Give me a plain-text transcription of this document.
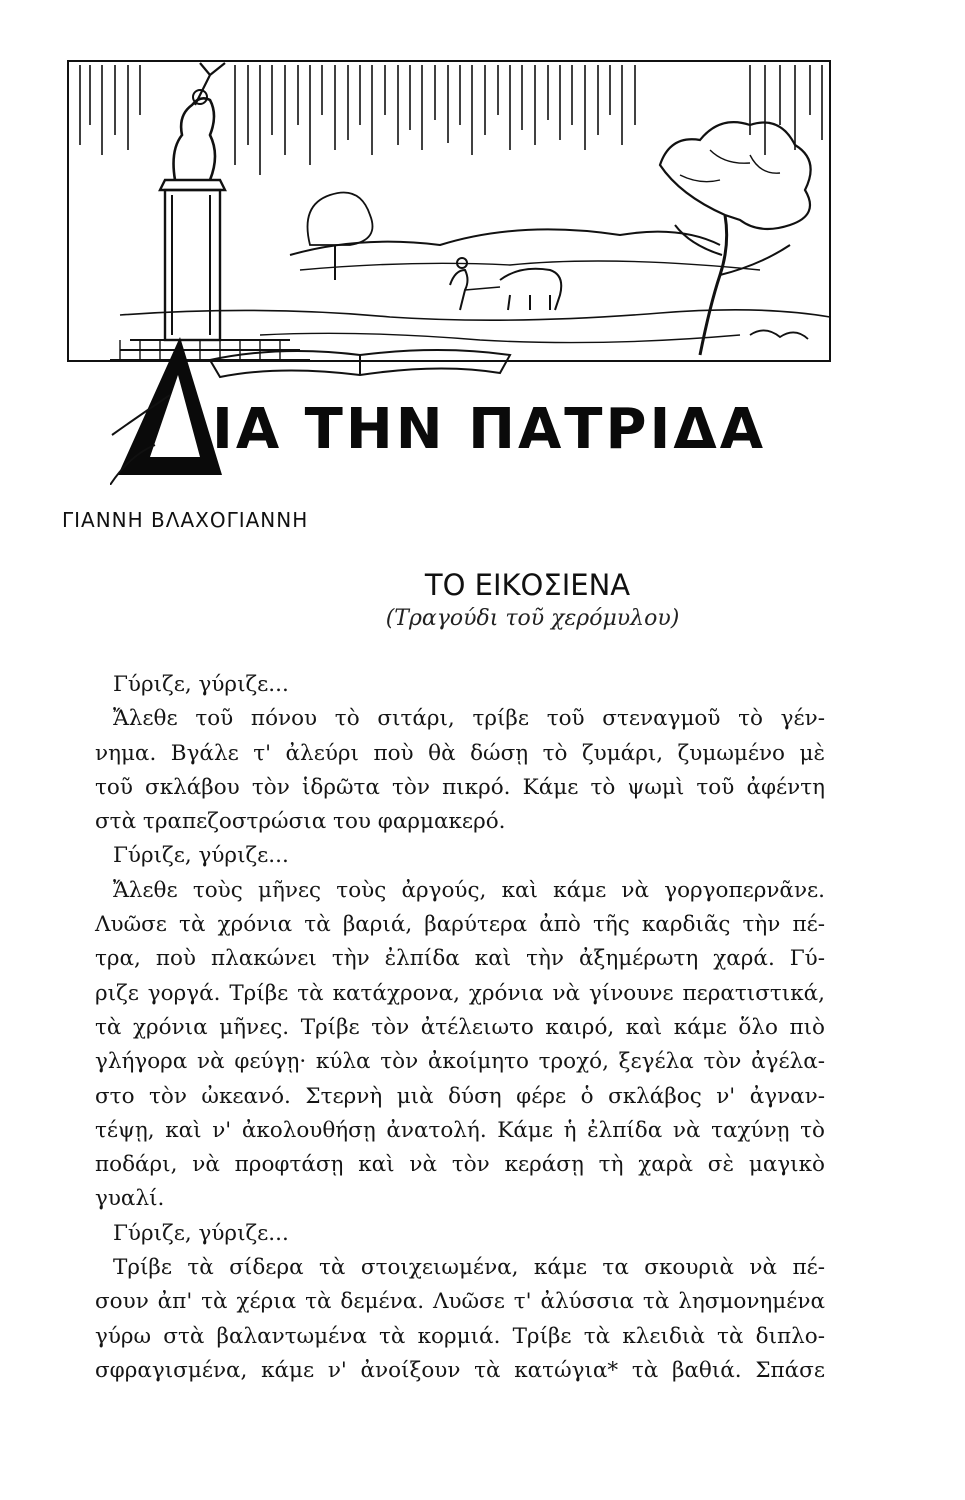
ΙΑ ΤΗΝ ΠΑΤΡΙΔΑ
ΓΙΑΝΝΗ ΒΛΑΧΟΓΙΑΝΝΗ
ΤΟ ΕΙΚΟΣΙΕΝΑ
(Τραγούδι τοῦ χερόμυλου)
Γύριζε, γύριζε...
Ἄλεθε τοῦ πόνου τὸ σιτάρι, τρίβε τοῦ στεναγμοῦ τὸ γέν-
νημα. Βγάλε τ' ἀλεύρι ποὺ θὰ δώσῃ τὸ ζυμάρι, ζυμωμένο μὲ
τοῦ σκλάβου τὸν ἱδρῶτα τὸν πικρό. Κάμε τὸ ψωμὶ τοῦ ἀφέντη
στὰ τραπεζοστρώσια του φαρμακερό.
Γύριζε, γύριζε...
Ἄλεθε τοὺς μῆνες τοὺς ἀργούς, καὶ κάμε νὰ γοργοπερνᾶνε.
Λυῶσε τὰ χρόνια τὰ βαριά, βαρύτερα ἀπὸ τῆς καρδιᾶς τὴν πέ-
τρα, ποὺ πλακώνει τὴν ἐλπίδα καὶ τὴν ἀξημέρωτη χαρά. Γύ-
ριζε γοργά. Τρίβε τὰ κατάχρονα, χρόνια νὰ γίνουνε περατιστικά,
τὰ χρόνια μῆνες. Τρίβε τὸν ἀτέλειωτο καιρό, καὶ κάμε ὅλο πιὸ
γλήγορα νὰ φεύγῃ· κύλα τὸν ἀκοίμητο τροχό, ξεγέλα τὸν ἀγέλα-
στο τὸν ὠκεανό. Στερνὴ μιὰ δύση φέρε ὁ σκλάβος ν' ἀγναν-
τέψῃ, καὶ ν' ἀκολουθήσῃ ἀνατολή. Κάμε ἡ ἐλπίδα νὰ ταχύνῃ τὸ
ποδάρι, νὰ προφτάσῃ καὶ νὰ τὸν κεράσῃ τὴ χαρὰ σὲ μαγικὸ
γυαλί.
Γύριζε, γύριζε...
Τρίβε τὰ σίδερα τὰ στοιχειωμένα, κάμε τα σκουριὰ νὰ πέ-
σουν ἀπ' τὰ χέρια τὰ δεμένα. Λυῶσε τ' ἀλύσσια τὰ λησμονημένα
γύρω στὰ βαλαντωμένα τὰ κορμιά. Τρίβε τὰ κλειδιὰ τὰ διπλο-
σφραγισμένα, κάμε ν' ἀνοίξουν τὰ κατώγια* τὰ βαθιά. Σπάσε
